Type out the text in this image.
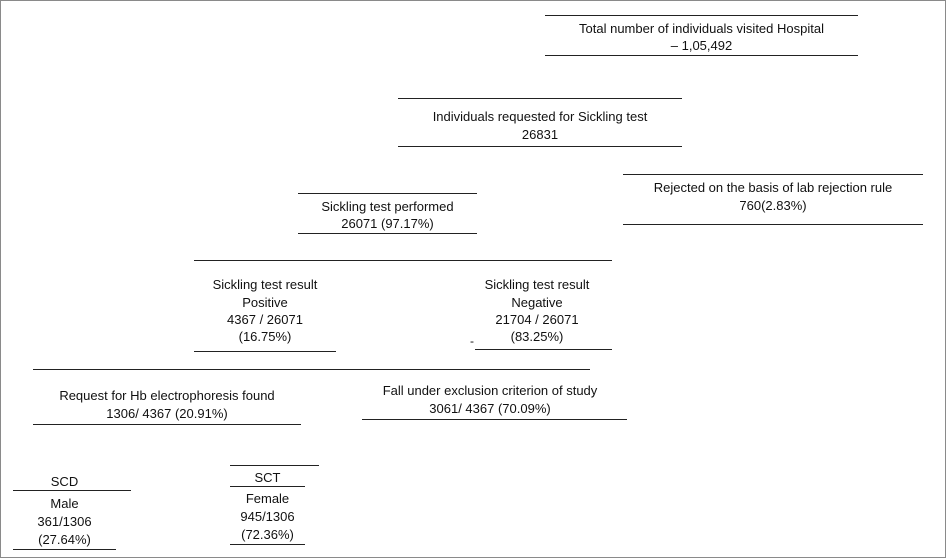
Total number of individuals visited Hospital
– 1,05,492
Individuals requested for Sickling test
26831
Rejected on the basis of lab rejection rule
760(2.83%)
Sickling test performed
26071 (97.17%)
Sickling test result
Positive
4367 / 26071
(16.75%)
Sickling test result
Negative
21704 / 26071
(83.25%)
-
Request for Hb electrophoresis found
1306/ 4367 (20.91%)
Fall under exclusion criterion of study
3061/ 4367 (70.09%)
SCD
Male
361/1306
(27.64%)
SCT
Female
945/1306
(72.36%)
